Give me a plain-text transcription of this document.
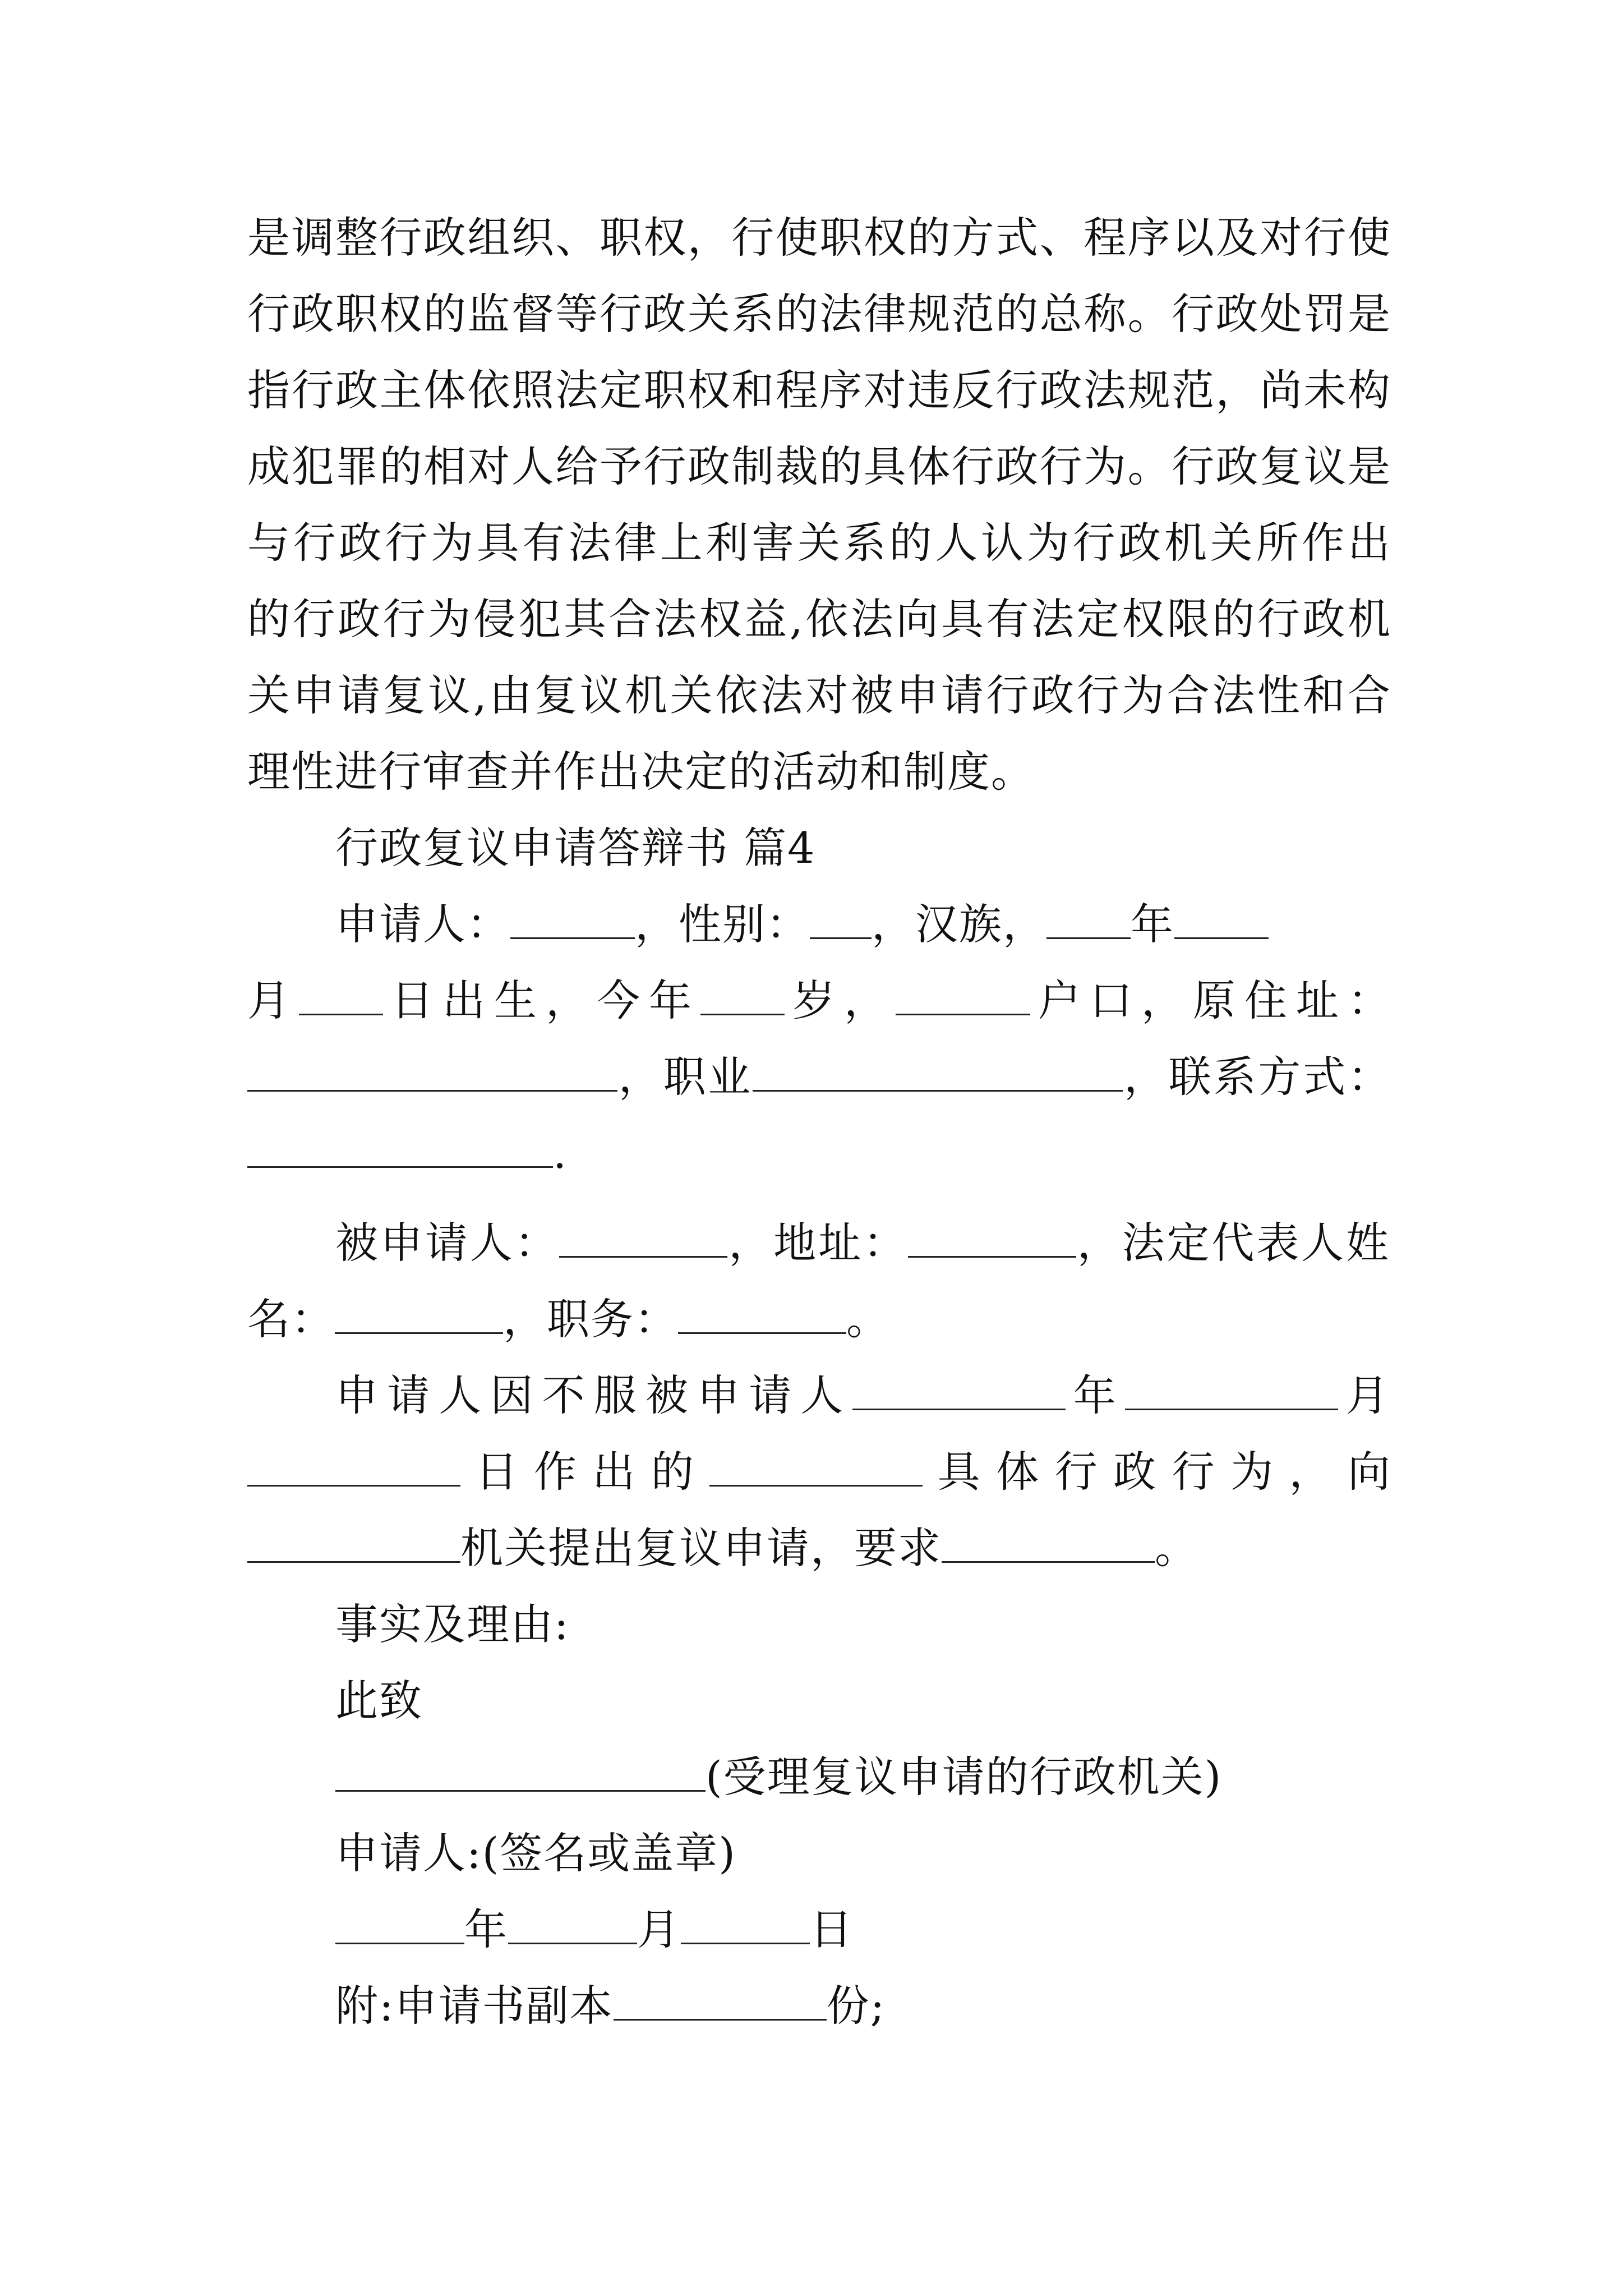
是调整行政组织、职权，行使职权的方式、程序以及对行使
行政职权的监督等行政关系的法律规范的总称。行政处罚是
指行政主体依照法定职权和程序对违反行政法规范，尚未构
成犯罪的相对人给予行政制裁的具体行政行为。行政复议是
与行政行为具有法律上利害关系的人认为行政机关所作出
的行政行为侵犯其合法权益,依法向具有法定权限的行政机
关申请复议,由复议机关依法对被申请行政行为合法性和合
理性进行审查并作出决定的活动和制度。
行政复议申请答辩书 篇4
申请人：	，性别： ，汉族， 年
月 日出生，今年 岁，	户口，原住址：
，职业	，联系方式：
.
被申请人：	，地址：	，法定代表人姓
名：	，职务：	。
申请人因不服被申请人	年	月
日作出的	具体行政行为，向
机关提出复议申请，要求	。
事实及理由:
此致
(受理复议申请的行政机关)
申请人:(签名或盖章)
年	月	日
附:申请书副本	份;
